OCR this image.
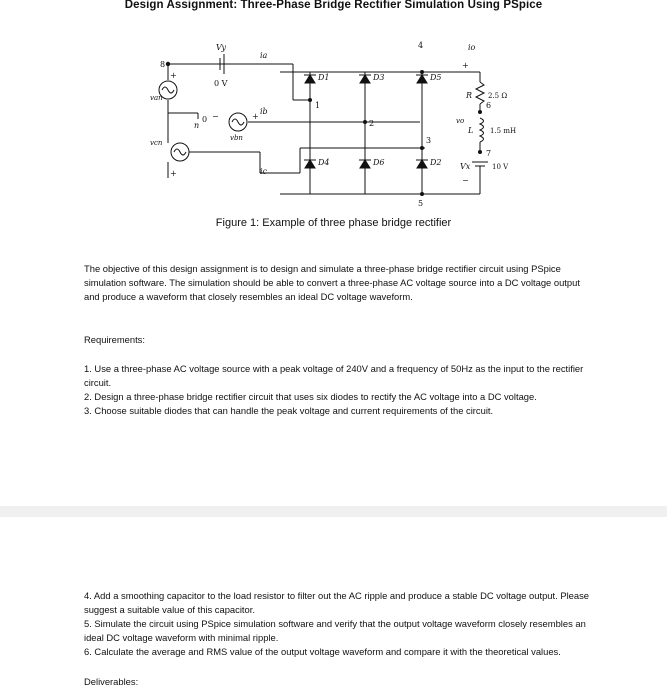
Design Assignment: Three-Phase Bridge Rectifier Simulation Using PSpice
8
0
n
1
2
3
4
5
6
7
Vy
0 V
ia
ib
ic
io
van
vbn
vcn
D1	D3	D5
D4	D6	D2
R 2.5 Ω
L 1.5 mH
Vx	10 V
vo
+
−
+
+
−
+
Figure 1: Example of three phase bridge rectifier
The objective of this design assignment is to design and simulate a three-phase bridge rectifier circuit using PSpice simulation software. The simulation should be able to convert a three-phase AC voltage source into a DC voltage output and produce a waveform that closely resembles an ideal DC voltage waveform.
Requirements:

1. Use a three-phase AC voltage source with a peak voltage of 240V and a frequency of 50Hz as the input to the rectifier circuit.

2. Design a three-phase bridge rectifier circuit that uses six diodes to rectify the AC voltage into a DC voltage.

3. Choose suitable diodes that can handle the peak voltage and current requirements of the circuit.

4. Add a smoothing capacitor to the load resistor to filter out the AC ripple and produce a stable DC voltage output. Please suggest a suitable value of this capacitor.

5. Simulate the circuit using PSpice simulation software and verify that the output voltage waveform closely resembles an ideal DC voltage waveform with minimal ripple.

6. Calculate the average and RMS value of the output voltage waveform and compare it with the theoretical values.

Deliverables:
